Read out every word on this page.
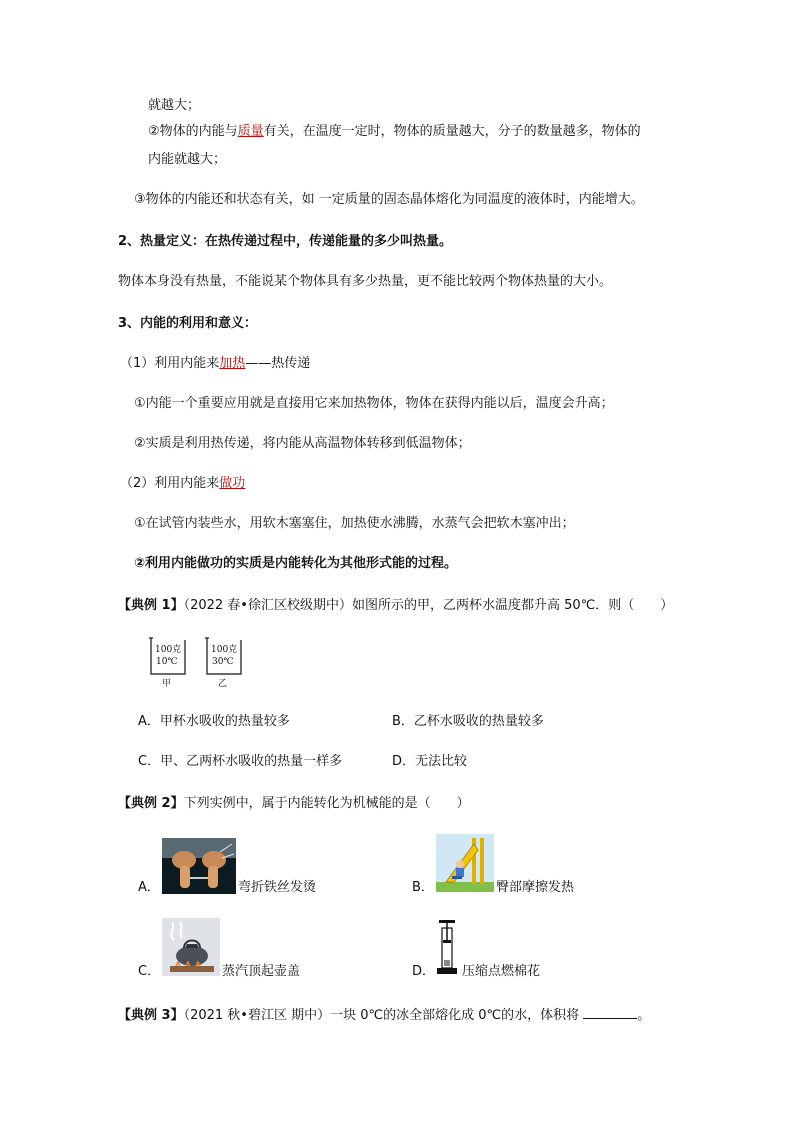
就越大；
②物体的内能与质量有关，在温度一定时，物体的质量越大，分子的数量越多，物体的
内能就越大；
③物体的内能还和状态有关，如 一定质量的固态晶体熔化为同温度的液体时，内能增大。
2、热量定义：在热传递过程中，传递能量的多少叫热量。
物体本身没有热量，不能说某个物体具有多少热量，更不能比较两个物体热量的大小。
3、内能的利用和意义：
（1）利用内能来加热——热传递
①内能一个重要应用就是直接用它来加热物体，物体在获得内能以后，温度会升高；
②实质是利用热传递，将内能从高温物体转移到低温物体；
（2）利用内能来做功
①在试管内装些水，用软木塞塞住，加热使水沸腾，水蒸气会把软木塞冲出；
②利用内能做功的实质是内能转化为其他形式能的过程。
【典例 1】（2022 春•徐汇区校级期中）如图所示的甲，乙两杯水温度都升高 50℃．则（　　）
100克
10℃
甲
100克
30℃
乙
A．甲杯水吸收的热量较多	B．乙杯水吸收的热量较多
C．甲、乙两杯水吸收的热量一样多	D．无法比较
【典例 2】下列实例中，属于内能转化为机械能的是（　　）
A．	弯折铁丝发烫	B．	臀部摩擦发热
C．	蒸汽顶起壶盖	D． 压缩点燃棉花
【典例 3】（2021 秋•碧江区 期中）一块 0℃的冰全部熔化成 0℃的水，体积将	。
